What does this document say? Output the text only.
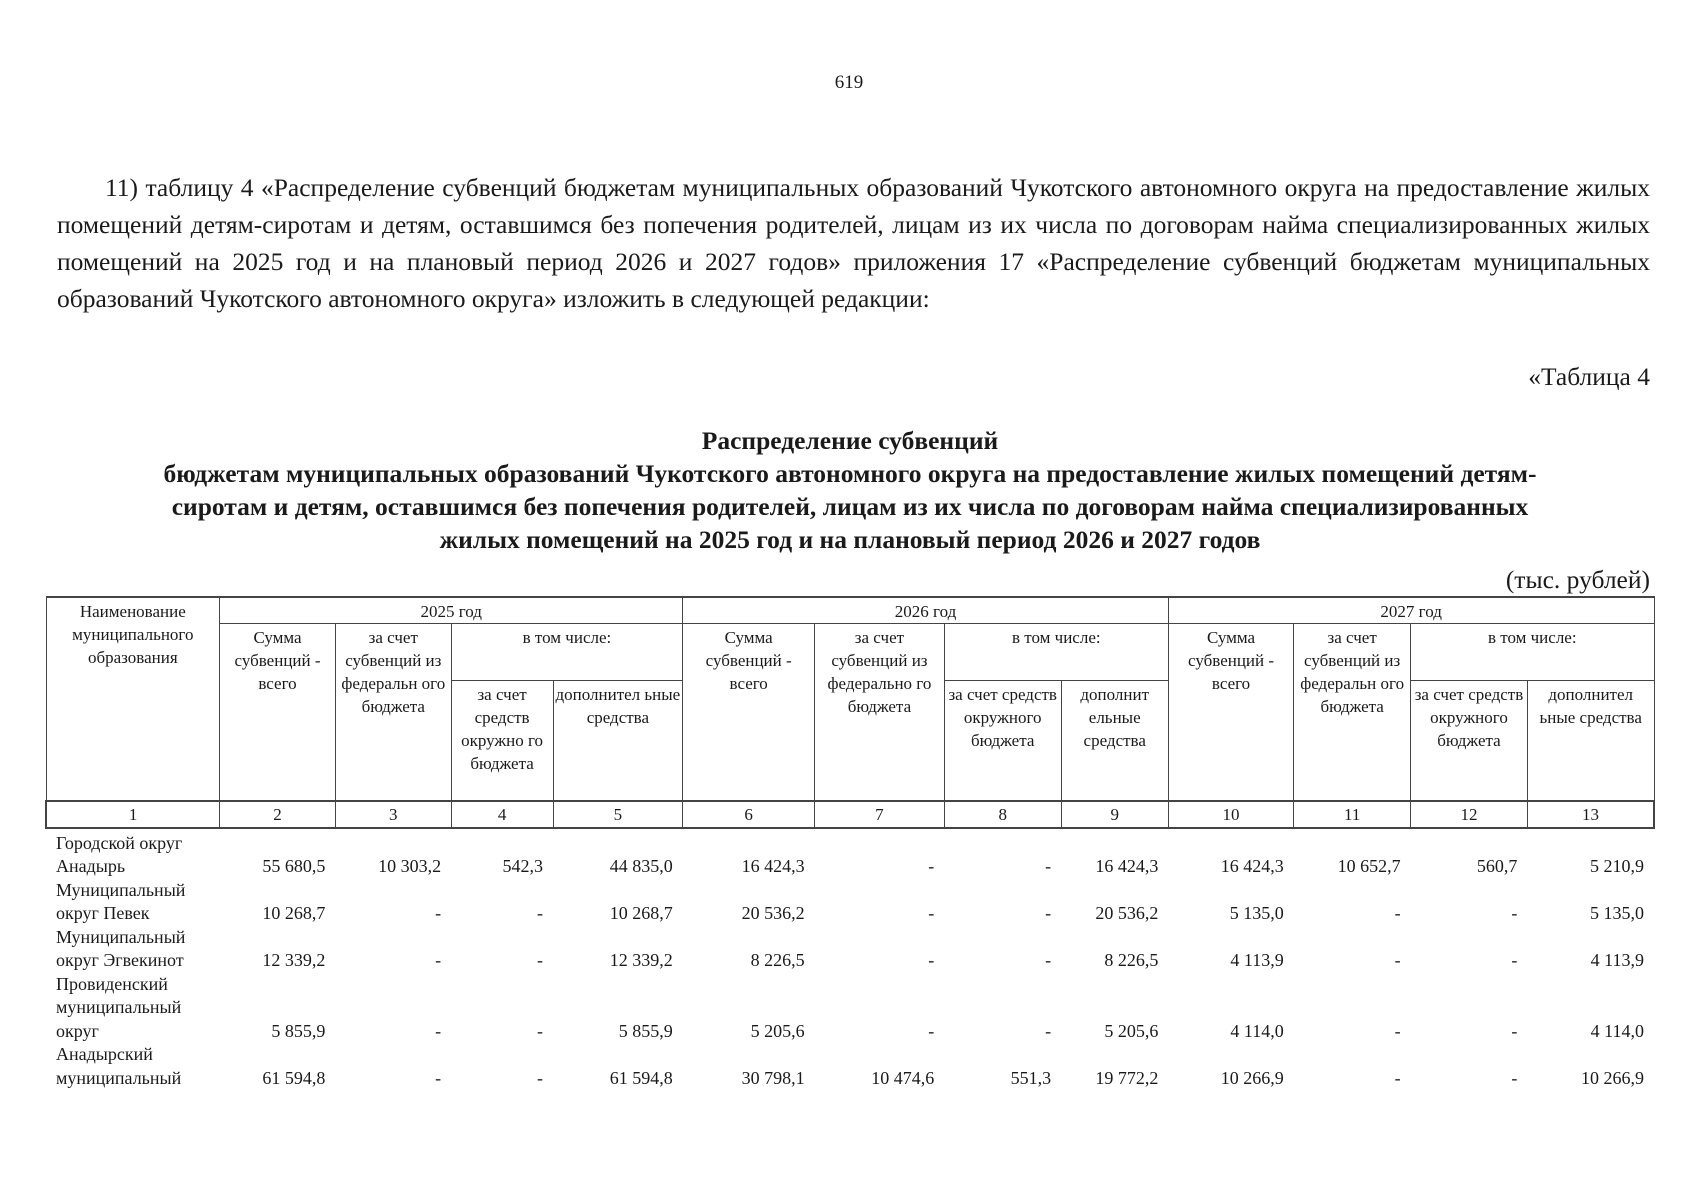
619

11) таблицу 4 «Распределение субвенций бюджетам муниципальных образований Чукотского автономного округа на предоставление жилых помещений детям-сиротам и детям, оставшимся без попечения родителей, лицам из их числа по договорам найма специализированных жилых помещений на 2025 год и на плановый период 2026 и 2027 годов» приложения 17 «Распределение субвенций бюджетам муниципальных образований Чукотского автономного округа» изложить в следующей редакции:

«Таблица 4
Распределение субвенций
бюджетам муниципальных образований Чукотского автономного округа на предоставление жилых помещений детям-
сиротам и детям, оставшимся без попечения родителей, лицам из их числа по договорам найма специализированных
жилых помещений на 2025 год и на плановый период 2026 и 2027 годов
(тыс. рублей)
Наименование муниципального образования	2025 год				2026 год				2027 год			
	Сумма субвенций - всего	за счет субвенций из федеральн ого бюджета	в том числе:		Сумма субвенций - всего	за счет субвенций из федерально го бюджета	в том числе:		Сумма субвенций - всего	за счет субвенций из федеральн ого бюджета	в том числе:	
			за счет средств окружно го бюджета	дополнител ьные средства			за счет средств окружного бюджета	дополнит ельные средства			за счет средств окружного бюджета	дополнител ьные средства
1	2	3	4	5	6	7	8	9	10	11	12	13
Городской округ
Анадырь	55 680,5	10 303,2	542,3	44 835,0	16 424,3	-	-	16 424,3	16 424,3	10 652,7	560,7	5 210,9
Муниципальный
округ Певек	10 268,7	-	-	10 268,7	20 536,2	-	-	20 536,2	5 135,0	-	-	5 135,0
Муниципальный
округ Эгвекинот	12 339,2	-	-	12 339,2	8 226,5	-	-	8 226,5	4 113,9	-	-	4 113,9
Провиденский
муниципальный
округ	5 855,9	-	-	5 855,9	5 205,6	-	-	5 205,6	4 114,0	-	-	4 114,0
Анадырский
муниципальный	61 594,8	-	-	61 594,8	30 798,1	10 474,6	551,3	19 772,2	10 266,9	-	-	10 266,9
